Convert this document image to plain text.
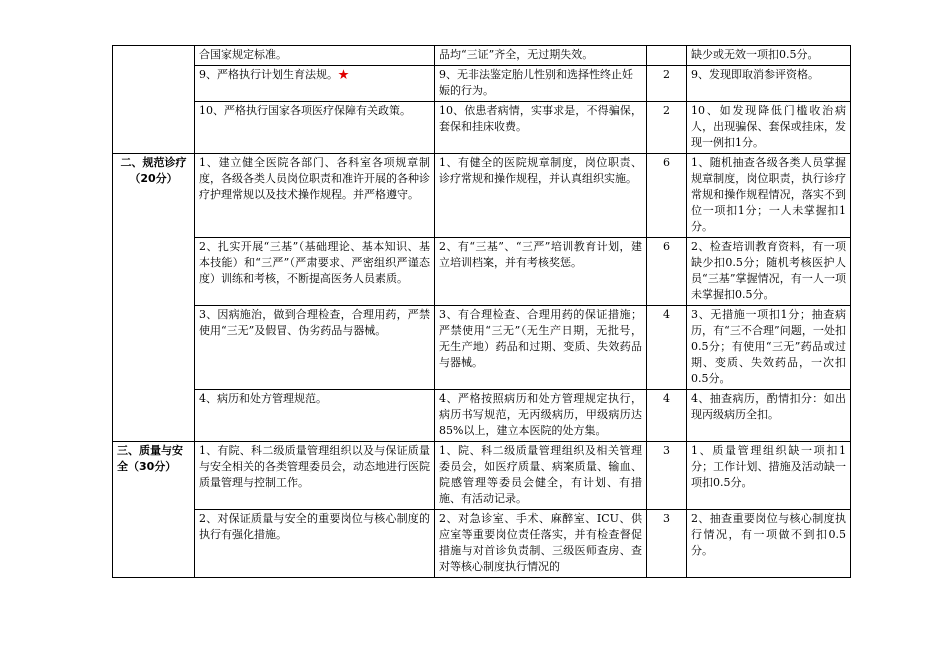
	合国家规定标准。	品均“三证”齐全，无过期失效。		缺少或无效一项扣0.5分。
	9、严格执行计划生育法规。★	9、无非法鉴定胎儿性别和选择性终止妊娠的行为。	2	9、发现即取消参评资格。
	10、严格执行国家各项医疗保障有关政策。	10、依患者病情，实事求是，不得骗保，套保和挂床收费。	2	10、如发现降低门槛收治病人，出现骗保、套保或挂床，发现一例扣1分。

二、规范诊疗
（20分）	1、建立健全医院各部门、各科室各项规章制度，各级各类人员岗位职责和准许开展的各种诊疗护理常规以及技术操作规程。并严格遵守。	1、有健全的医院规章制度，岗位职责、诊疗常规和操作规程，并认真组织实施。	6	1、随机抽查各级各类人员掌握规章制度，岗位职责，执行诊疗常规和操作规程情况，落实不到位一项扣1分；一人未掌握扣1分。
	2、扎实开展“三基”（基础理论、基本知识、基本技能）和“三严”（严肃要求、严密组织严谨态度）训练和考核，不断提高医务人员素质。	2、有“三基”、“三严”培训教育计划，建立培训档案，并有考核奖惩。	6	2、检查培训教育资料，有一项缺少扣0.5分；随机考核医护人员“三基”掌握情况，有一人一项未掌握扣0.5分。
	3、因病施治，做到合理检查，合理用药，严禁使用“三无”及假冒、伪劣药品与器械。	3、有合理检查、合理用药的保证措施；严禁使用“三无”（无生产日期，无批号，无生产地）药品和过期、变质、失效药品与器械。	4	3、无措施一项扣1分；抽查病历，有“三不合理”问题，一处扣0.5分；有使用“三无”药品或过期、变质、失效药品，一次扣0.5分。
	4、病历和处方管理规范。	4、严格按照病历和处方管理规定执行，病历书写规范，无丙级病历，甲级病历达85%以上，建立本医院的处方集。	4	4、抽查病历，酌情扣分：如出现丙级病历全扣。

三、质量与安全（30分）	1、有院、科二级质量管理组织以及与保证质量与安全相关的各类管理委员会，动态地进行医院质量管理与控制工作。	1、院、科二级质量管理组织及相关管理委员会，如医疗质量、病案质量、输血、院感管理等委员会健全，有计划、有措施、有活动记录。	3	1、质量管理组织缺一项扣1分；工作计划、措施及活动缺一项扣0.5分。
	2、对保证质量与安全的重要岗位与核心制度的执行有强化措施。	2、对急诊室、手术、麻醉室、ICU、供应室等重要岗位责任落实，并有检查督促措施与对首诊负责制、三级医师查房、查对等核心制度执行情况的	3	2、抽查重要岗位与核心制度执行情况，有一项做不到扣0.5分。
